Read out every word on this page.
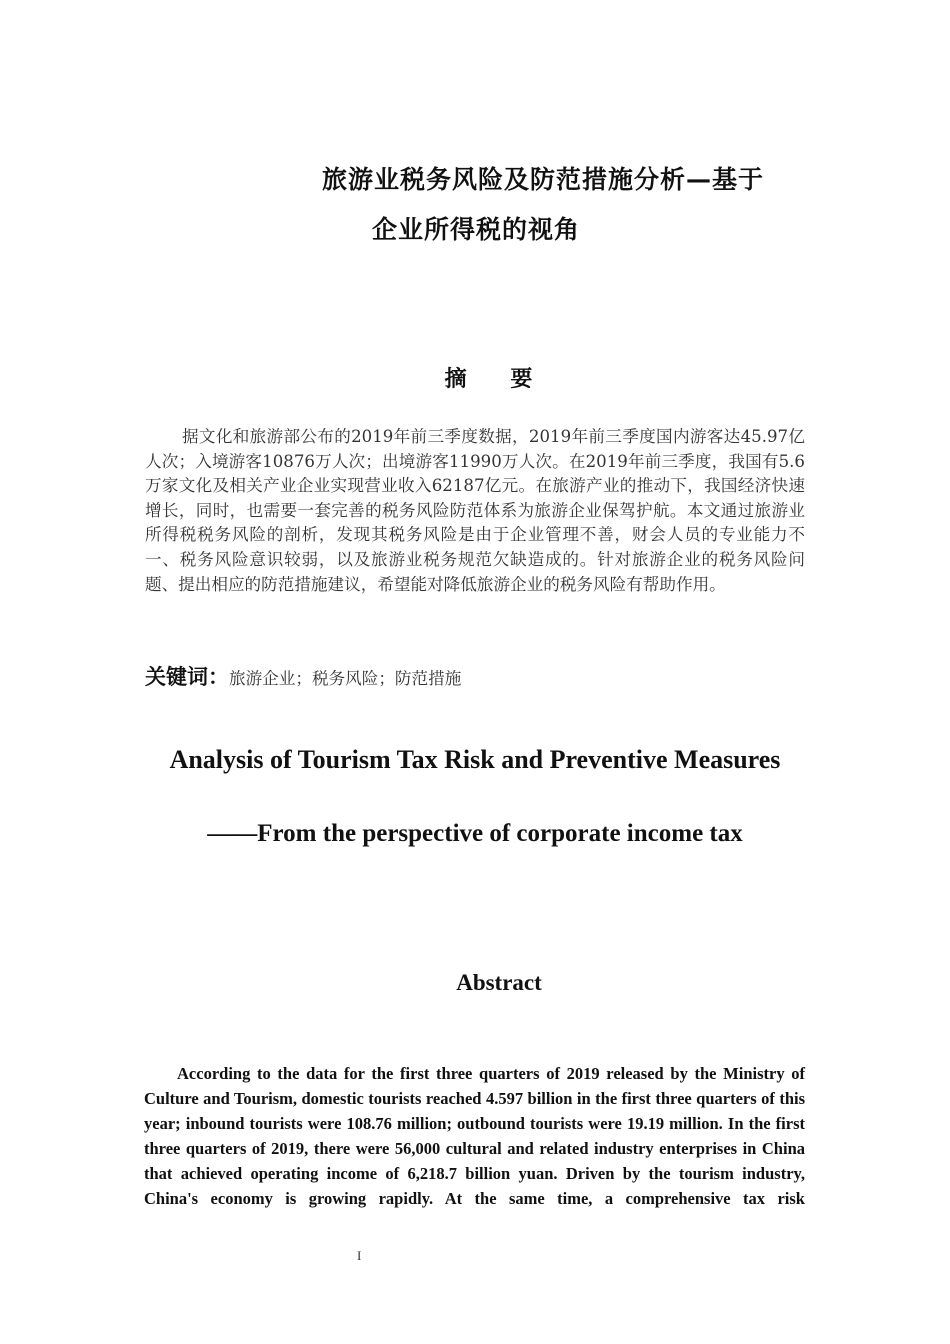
旅游业税务风险及防范措施分析—基于
企业所得税的视角
摘 要

据文化和旅游部公布的2019年前三季度数据，2019年前三季度国内游客达45.97亿人次；入境游客10876万人次；出境游客11990万人次。在2019年前三季度，我国有5.6万家文化及相关产业企业实现营业收入62187亿元。在旅游产业的推动下，我国经济快速增长，同时，也需要一套完善的税务风险防范体系为旅游企业保驾护航。本文通过旅游业所得税税务风险的剖析，发现其税务风险是由于企业管理不善，财会人员的专业能力不一、税务风险意识较弱，以及旅游业税务规范欠缺造成的。针对旅游企业的税务风险问题、提出相应的防范措施建议，希望能对降低旅游企业的税务风险有帮助作用。

关键词：旅游企业；税务风险；防范措施

Analysis of Tourism Tax Risk and Preventive Measures
——From the perspective of corporate income tax
Abstract

According to the data for the first three quarters of 2019 released by the Ministry of Culture and Tourism, domestic tourists reached 4.597 billion in the first three quarters of this year; inbound tourists were 108.76 million; outbound tourists were 19.19 million. In the first three quarters of 2019, there were 56,000 cultural and related industry enterprises in China that achieved operating income of 6,218.7 billion yuan. Driven by the tourism industry, China's economy is growing rapidly. At the same time, a comprehensive tax risk

I
